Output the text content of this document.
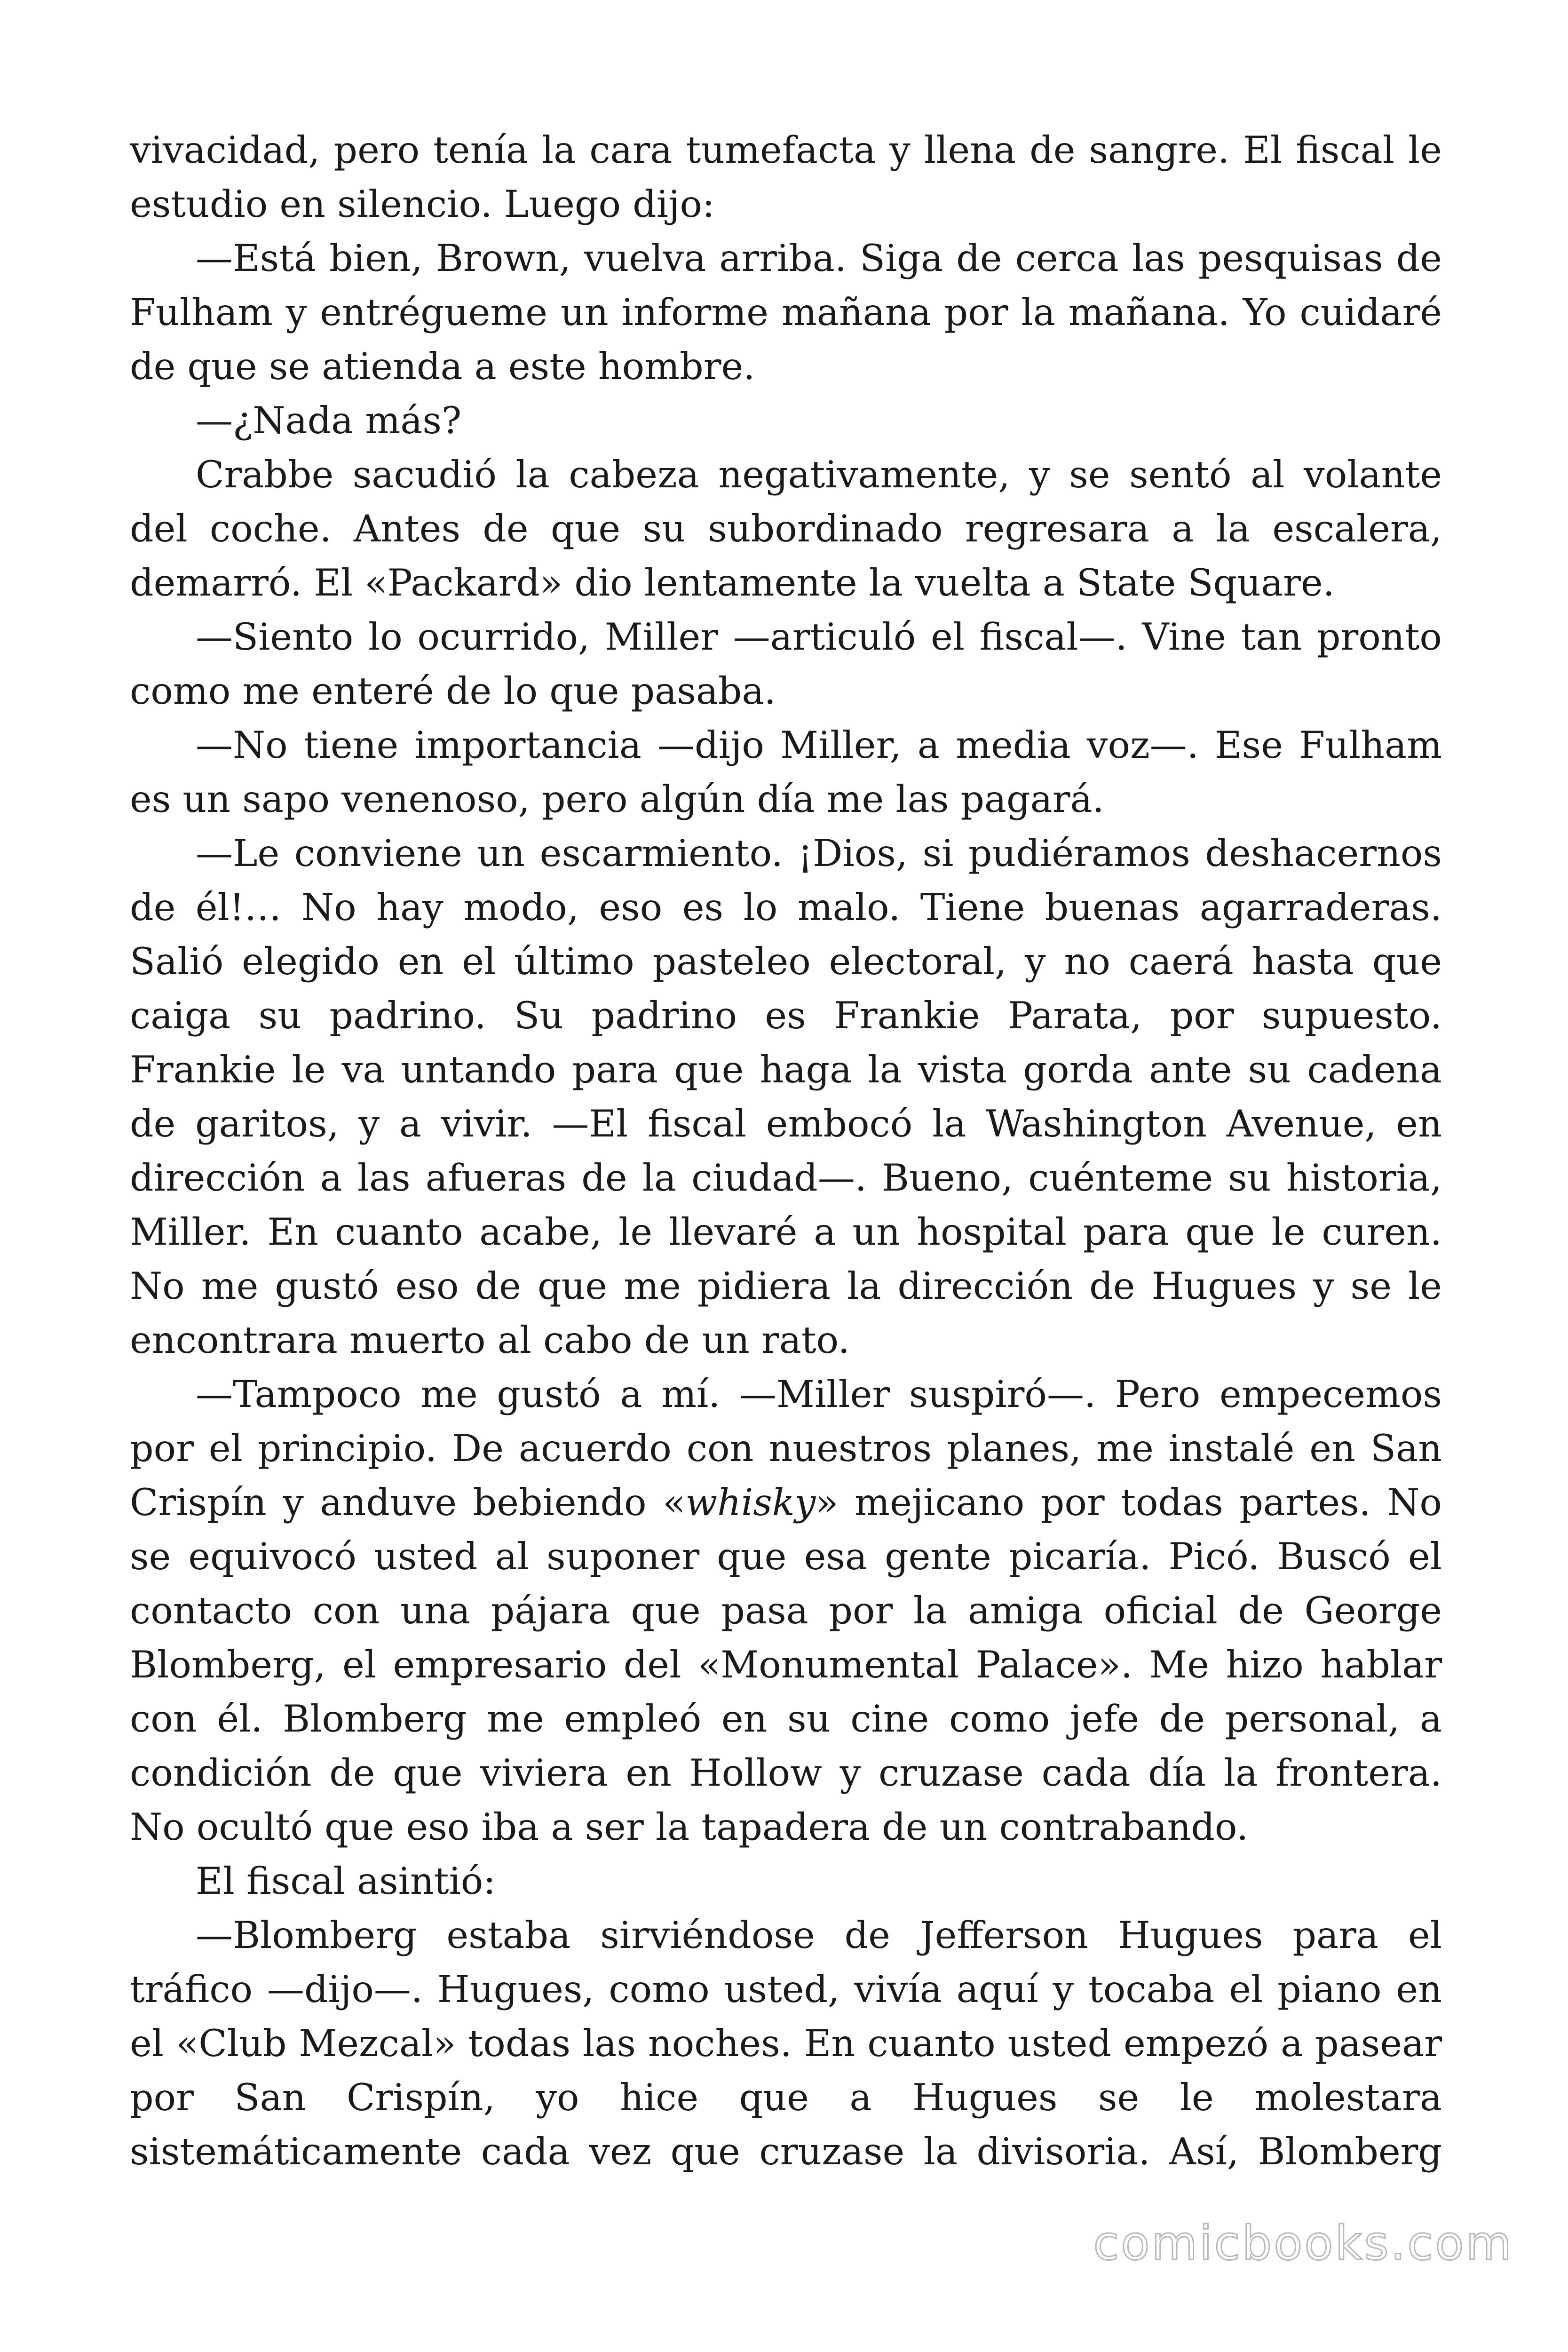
vivacidad, pero tenía la cara tumefacta y llena de sangre. El fiscal le estudio en silencio. Luego dijo:

—Está bien, Brown, vuelva arriba. Siga de cerca las pesquisas de Fulham y entrégueme un informe mañana por la mañana. Yo cuidaré de que se atienda a este hombre.

—¿Nada más?

Crabbe sacudió la cabeza negativamente, y se sentó al volante del coche. Antes de que su subordinado regresara a la escalera, demarró. El «Packard» dio lentamente la vuelta a State Square.

—Siento lo ocurrido, Miller —articuló el fiscal—. Vine tan pronto como me enteré de lo que pasaba.

—No tiene importancia —dijo Miller, a media voz—. Ese Fulham es un sapo venenoso, pero algún día me las pagará.

—Le conviene un escarmiento. ¡Dios, si pudiéramos deshacernos de él!… No hay modo, eso es lo malo. Tiene buenas agarraderas. Salió elegido en el último pasteleo electoral, y no caerá hasta que caiga su padrino. Su padrino es Frankie Parata, por supuesto. Frankie le va untando para que haga la vista gorda ante su cadena de garitos, y a vivir. —El fiscal embocó la Washington Avenue, en dirección a las afueras de la ciudad—. Bueno, cuénteme su historia, Miller. En cuanto acabe, le llevaré a un hospital para que le curen. No me gustó eso de que me pidiera la dirección de Hugues y se le encontrara muerto al cabo de un rato.

—Tampoco me gustó a mí. —Miller suspiró—. Pero empecemos por el principio. De acuerdo con nuestros planes, me instalé en San Crispín y anduve bebiendo «whisky» mejicano por todas partes. No se equivocó usted al suponer que esa gente picaría. Picó. Buscó el contacto con una pájara que pasa por la amiga oficial de George Blomberg, el empresario del «Monumental Palace». Me hizo hablar con él. Blomberg me empleó en su cine como jefe de personal, a condición de que viviera en Hollow y cruzase cada día la frontera. No ocultó que eso iba a ser la tapadera de un contrabando.

El fiscal asintió:

—Blomberg estaba sirviéndose de Jefferson Hugues para el tráfico —dijo—. Hugues, como usted, vivía aquí y tocaba el piano en el «Club Mezcal» todas las noches. En cuanto usted empezó a pasear por San Crispín, yo hice que a Hugues se le molestara sistemáticamente cada vez que cruzase la divisoria. Así, Blomberg

comicbooks.com
